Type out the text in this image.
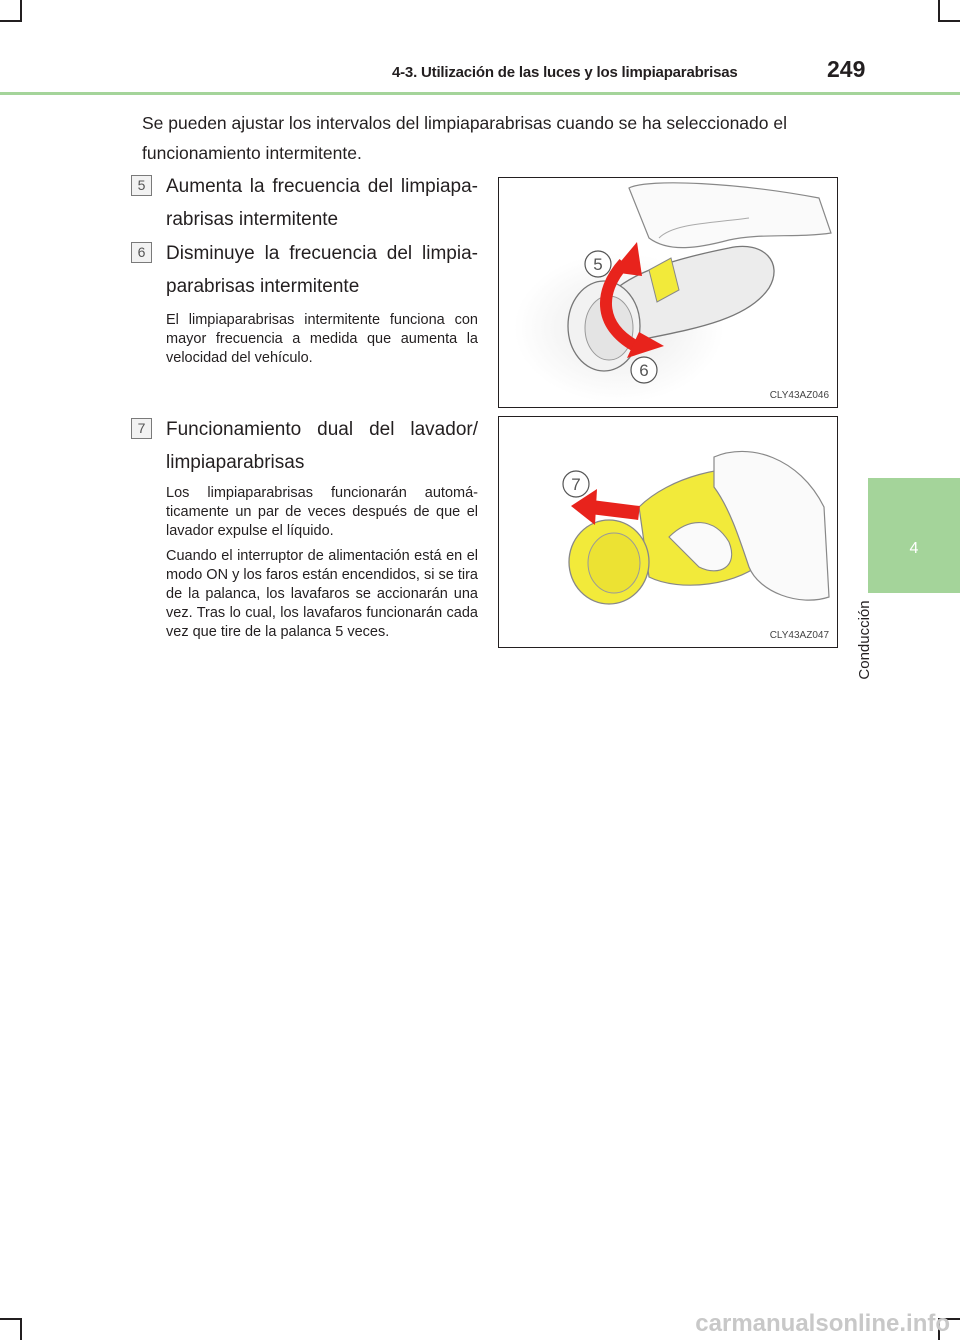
4-3. Utilización de las luces y los limpiaparabrisas	249
4
Conducción
Se pueden ajustar los intervalos del limpiaparabrisas cuando se ha seleccionado el funcionamiento intermitente.
5	Aumenta la frecuencia del limpiapa-rabrisas intermitente
6	Disminuye la frecuencia del limpia-parabrisas intermitente
El limpiaparabrisas intermitente funciona con mayor frecuencia a medida que aumenta la velocidad del vehículo.
7	Funcionamiento dual del lavador/ limpiaparabrisas
Los limpiaparabrisas funcionarán automá-ticamente un par de veces después de que el lavador expulse el líquido.
Cuando el interruptor de alimentación está en el modo ON y los faros están encendidos, si se tira de la palanca, los lavafaros se accionarán una vez. Tras lo cual, los lavafaros funcionarán cada vez que tire de la palanca 5 veces.
5
6
CLY43AZ046
7
CLY43AZ047
carmanualsonline.info
